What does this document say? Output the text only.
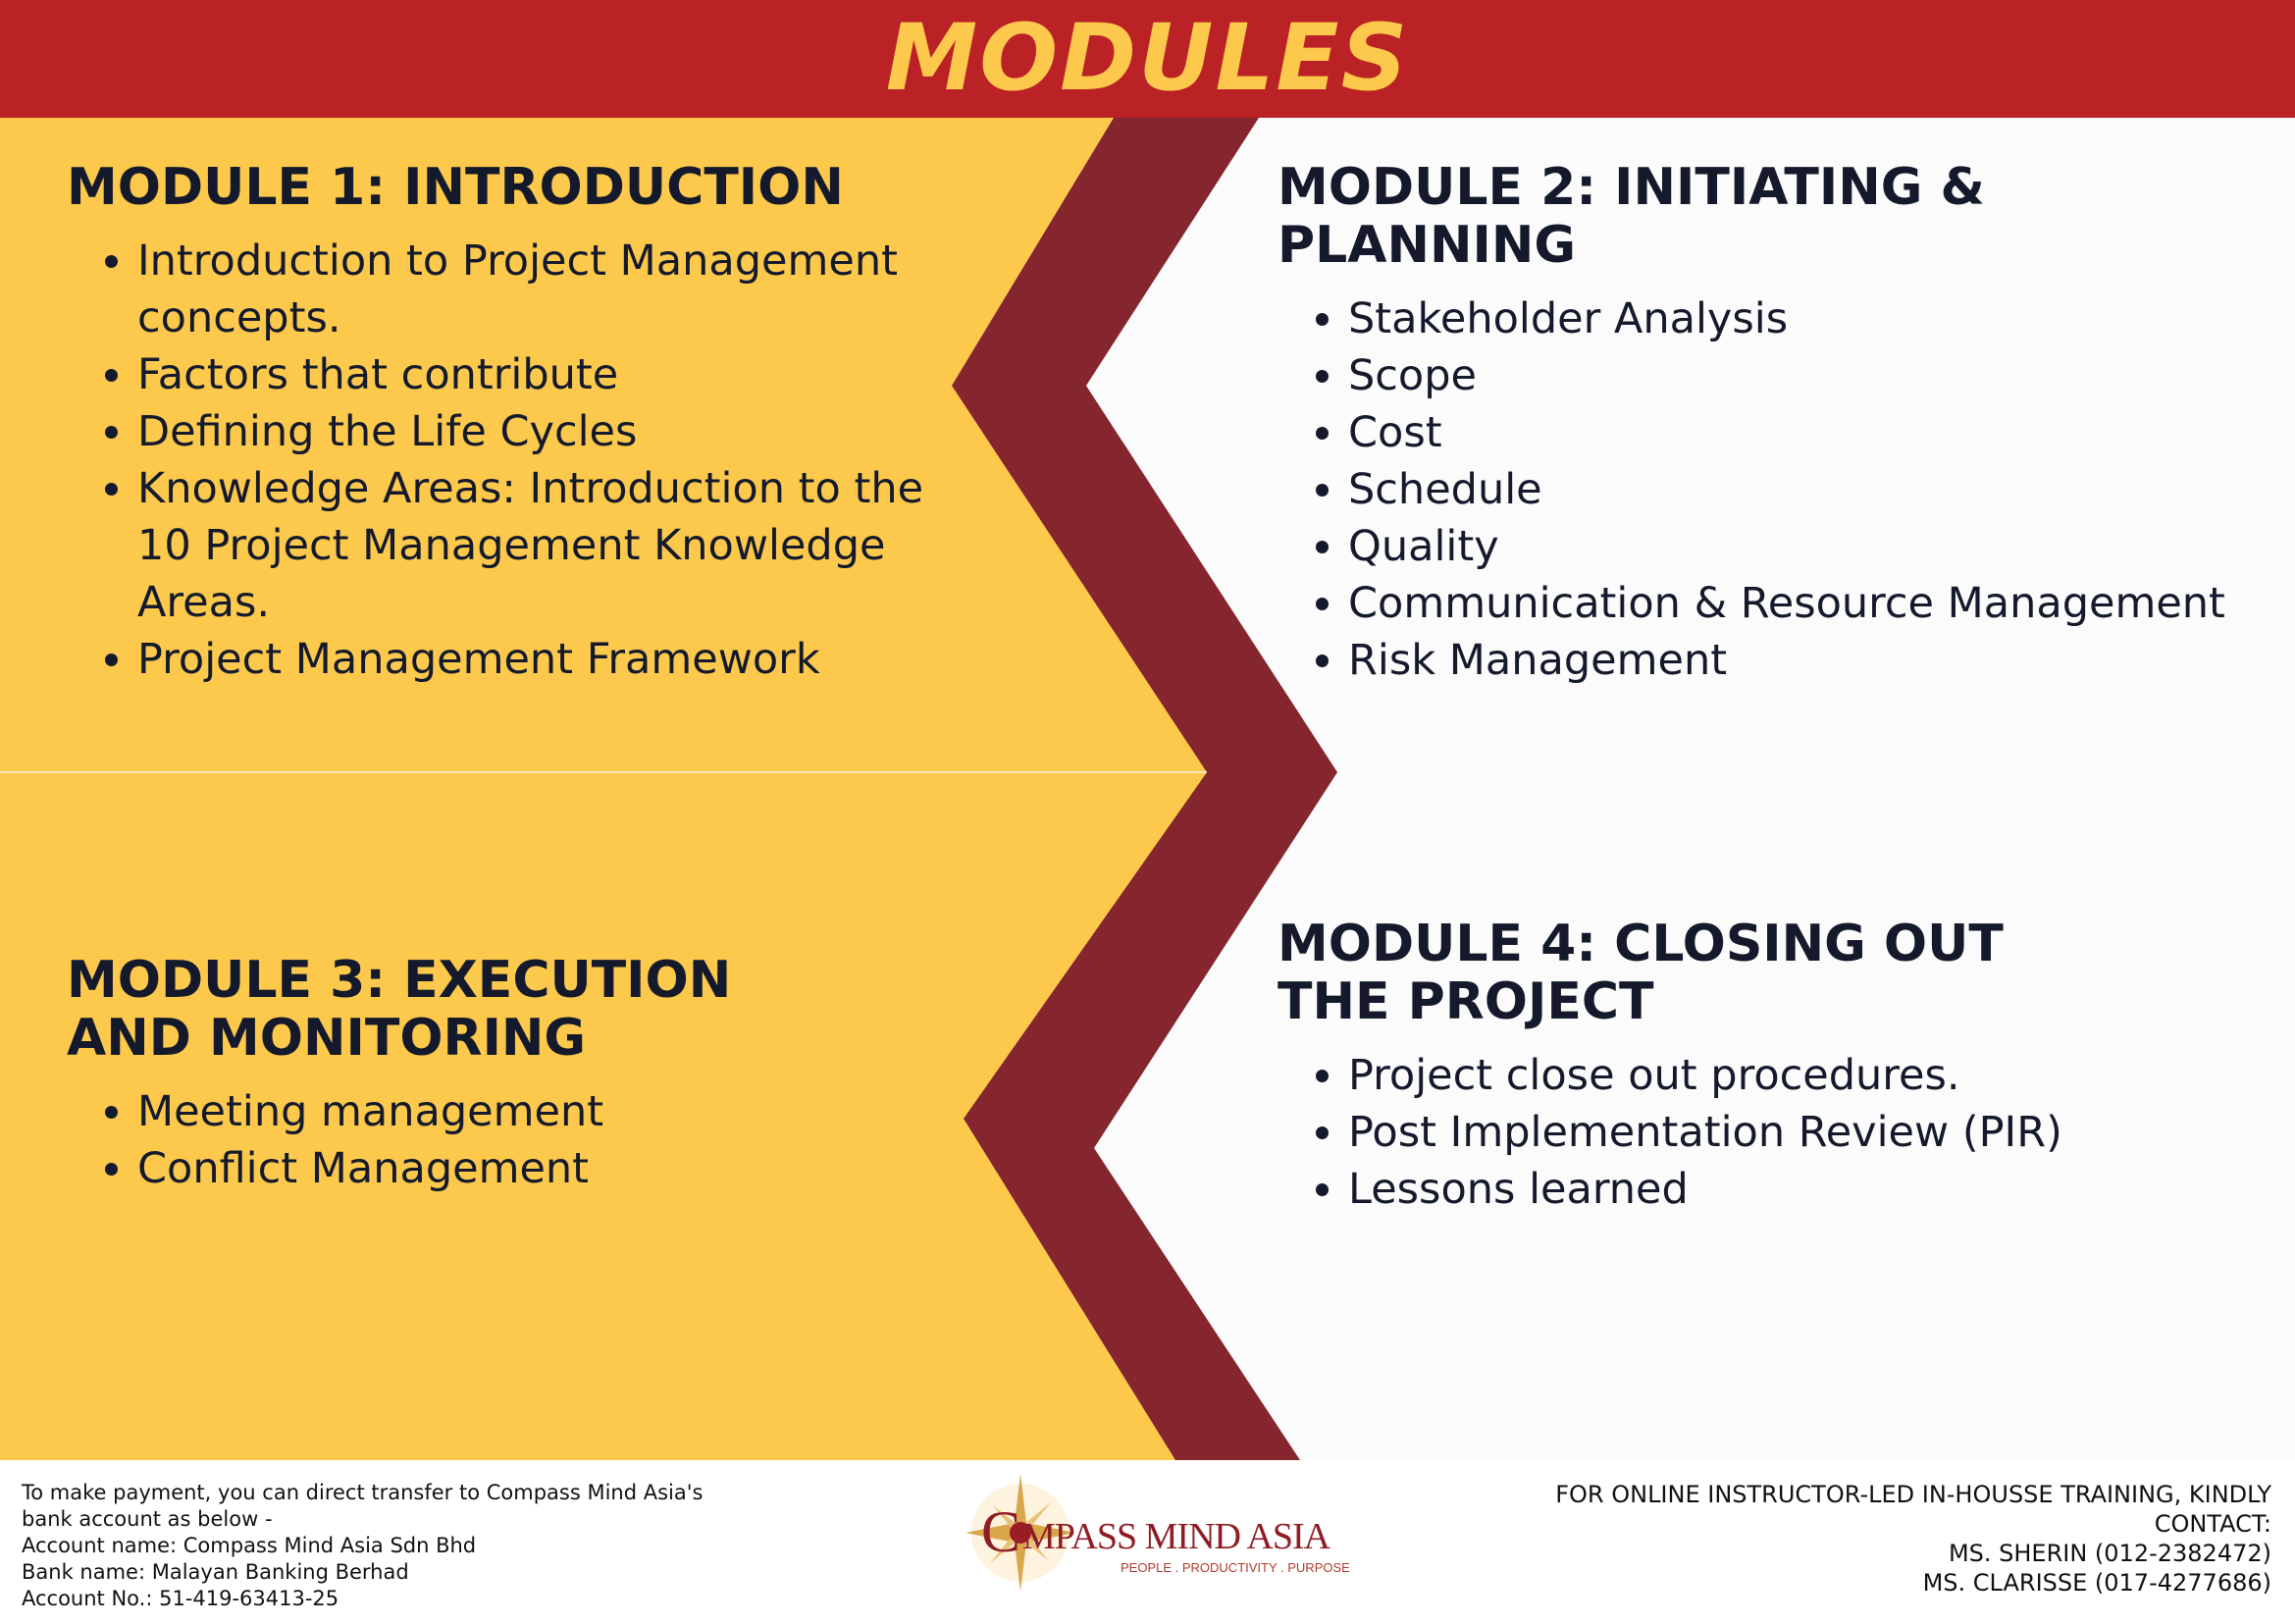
MODULES
MODULE 1: INTRODUCTION
• Introduction to Project Management concepts.
• Factors that contribute
• Defining the Life Cycles
• Knowledge Areas: Introduction to the 10 Project Management Knowledge Areas.
• Project Management Framework
MODULE 2: INITIATING &
PLANNING
• Stakeholder Analysis
• Scope
• Cost
• Schedule
• Quality
• Communication & Resource Management
• Risk Management
MODULE 3: EXECUTION
AND MONITORING
• Meeting management
• Conflict Management
MODULE 4: CLOSING OUT
THE PROJECT
• Project close out procedures.
• Post Implementation Review (PIR)
• Lessons learned
To make payment, you can direct transfer to Compass Mind Asia's
bank account as below -
Account name: Compass Mind Asia Sdn Bhd
Bank name: Malayan Banking Berhad
Account No.: 51-419-63413-25
C MPASS MIND ASIA
PEOPLE . PRODUCTIVITY . PURPOSE
FOR ONLINE INSTRUCTOR-LED IN-HOUSSE TRAINING, KINDLY
CONTACT:
MS. SHERIN (012-2382472)
MS. CLARISSE (017-4277686)
